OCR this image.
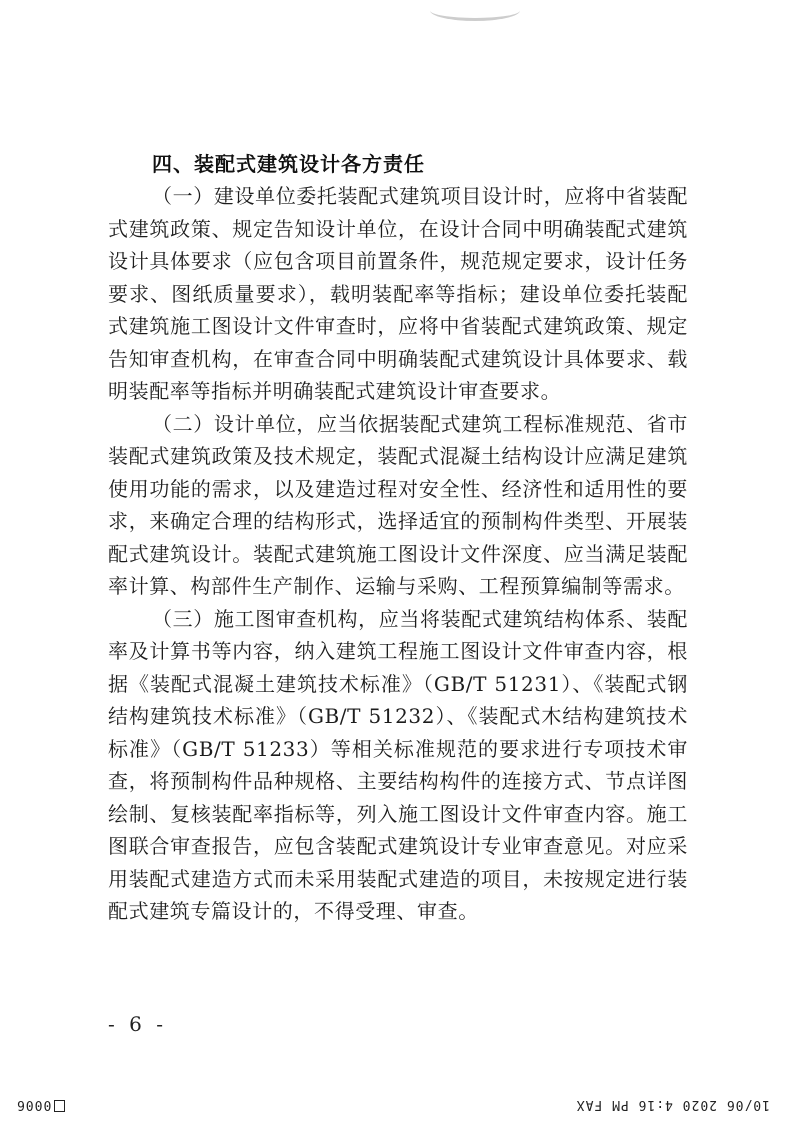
四、装配式建筑设计各方责任

（一）建设单位委托装配式建筑项目设计时，应将中省装配式建筑政策、规定告知设计单位，在设计合同中明确装配式建筑设计具体要求（应包含项目前置条件，规范规定要求，设计任务要求、图纸质量要求），载明装配率等指标；建设单位委托装配式建筑施工图设计文件审查时，应将中省装配式建筑政策、规定告知审查机构，在审查合同中明确装配式建筑设计具体要求、载明装配率等指标并明确装配式建筑设计审查要求。

（二）设计单位，应当依据装配式建筑工程标准规范、省市装配式建筑政策及技术规定，装配式混凝土结构设计应满足建筑使用功能的需求，以及建造过程对安全性、经济性和适用性的要求，来确定合理的结构形式，选择适宜的预制构件类型、开展装配式建筑设计。装配式建筑施工图设计文件深度、应当满足装配率计算、构部件生产制作、运输与采购、工程预算编制等需求。

（三）施工图审查机构，应当将装配式建筑结构体系、装配率及计算书等内容，纳入建筑工程施工图设计文件审查内容，根据《装配式混凝土建筑技术标准》（GB/T 51231）、《装配式钢结构建筑技术标准》（GB/T 51232）、《装配式木结构建筑技术标准》（GB/T 51233）等相关标准规范的要求进行专项技术审查，将预制构件品种规格、主要结构构件的连接方式、节点详图绘制、复核装配率指标等，列入施工图设计文件审查内容。施工图联合审查报告，应包含装配式建筑设计专业审查意见。对应采用装配式建造方式而未采用装配式建造的项目，未按规定进行装配式建筑专篇设计的，不得受理、审查。

- 6 -
10/06 2020 4:16 PM FAX
0006
